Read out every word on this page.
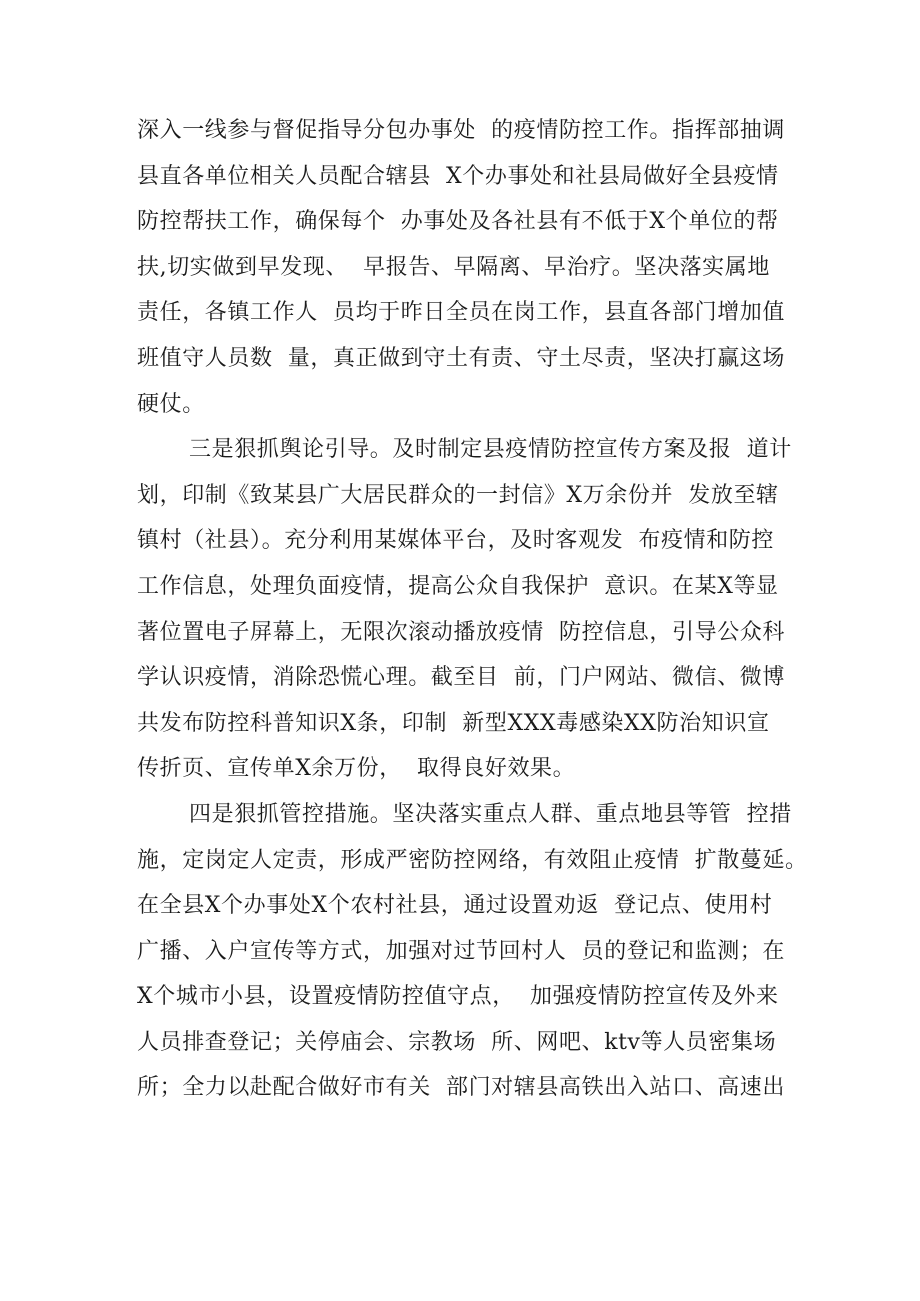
深入一线参与督促指导分包办事处  的疫情防控工作。指挥部抽调
县直各单位相关人员配合辖县  X个办事处和社县局做好全县疫情
防控帮扶工作，确保每个  办事处及各社县有不低于X个单位的帮
扶,切实做到早发现、  早报告、早隔离、早治疗。坚决落实属地
责任，各镇工作人  员均于昨日全员在岗工作，县直各部门增加值
班值守人员数  量，真正做到守土有责、守土尽责，坚决打赢这场
硬仗。
三是狠抓舆论引导。及时制定县疫情防控宣传方案及报  道计
划，印制《致某县广大居民群众的一封信》X万余份并  发放至辖
镇村（社县）。充分利用某媒体平台，及时客观发  布疫情和防控
工作信息，处理负面疫情，提高公众自我保护  意识。在某X等显
著位置电子屏幕上，无限次滚动播放疫情  防控信息，引导公众科
学认识疫情，消除恐慌心理。截至目  前，门户网站、微信、微博
共发布防控科普知识X条，印制  新型XXX毒感染XX防治知识宣
传折页、宣传单X余万份，  取得良好效果。
四是狠抓管控措施。坚决落实重点人群、重点地县等管  控措
施，定岗定人定责，形成严密防控网络，有效阻止疫情  扩散蔓延。
在全县X个办事处X个农村社县，通过设置劝返  登记点、使用村
广播、入户宣传等方式，加强对过节回村人  员的登记和监测；在
X个城市小县，设置疫情防控值守点，  加强疫情防控宣传及外来
人员排查登记；关停庙会、宗教场  所、网吧、ktv等人员密集场
所；全力以赴配合做好市有关  部门对辖县高铁出入站口、高速出
